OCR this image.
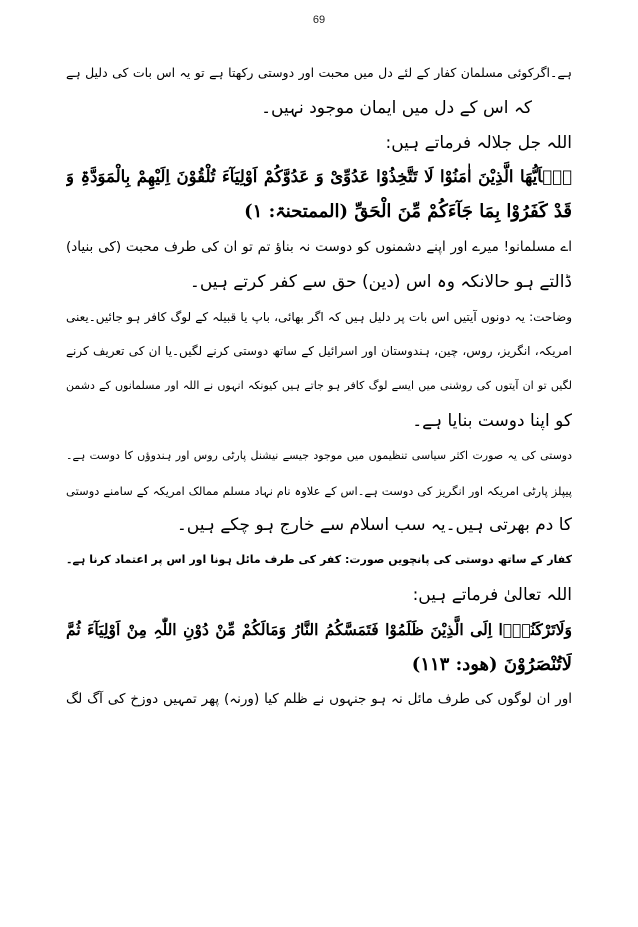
69
ہے۔اگرکوئی مسلمان کفار کے لئے دل میں محبت اور دوستی رکھتا ہے تو یہ اس بات کی دلیل ہے
کہ اس کے دل میں ایمان موجود نہیں۔
اللہ جل جلالہ فرماتے ہیں:
یٰۤاَیُّھَا الَّذِیْنَ اٰمَنُوْا لَا تَتَّخِذُوْا عَدُوِّیْ وَ عَدُوَّکُمْ اَوْلِیَآءَ تُلْقُوْنَ اِلَیْھِمْ بِالْمَوَدَّۃِ وَ
قَدْ کَفَرُوْا بِمَا جَآءَکُمْ مِّنَ الْحَقِّ (الممتحنۃ: ۱)
اے مسلمانو! میرے اور اپنے دشمنوں کو دوست نہ بناؤ تم تو ان کی طرف محبت (کی بنیاد)
ڈالتے ہو حالانکہ وہ اس (دین) حق سے کفر کرتے ہیں۔
وضاحت: یہ دونوں آیتیں اس بات پر دلیل ہیں کہ اگر بھائی، باپ یا قبیلہ کے لوگ کافر ہو جائیں۔یعنی
امریکہ، انگریز، روس، چین، ہندوستان اور اسرائیل کے ساتھ دوستی کرنے لگیں۔یا ان کی تعریف کرنے
لگیں تو ان آیتوں کی روشنی میں ایسے لوگ کافر ہو جاتے ہیں کیونکہ انہوں نے اللہ اور مسلمانوں کے دشمن
کو اپنا دوست بنایا ہے۔
دوستی کی یہ صورت اکثر سیاسی تنظیموں میں موجود جیسے نیشنل پارٹی روس اور ہندوؤں کا دوست ہے۔
پیپلز پارٹی امریکہ اور انگریز کی دوست ہے۔اس کے علاوہ نام نہاد مسلم ممالک امریکہ کے سامنے دوستی
کا دم بھرتی ہیں۔یہ سب اسلام سے خارج ہو چکے ہیں۔
کفار کے ساتھ دوستی کی پانچویں صورت: کفر کی طرف مائل ہونا اور اس پر اعتماد کرنا ہے۔
اللہ تعالیٰ فرماتے ہیں:
وَلَاتَرْکَنُوْۤا اِلَی الَّذِیْنَ ظَلَمُوْا فَتَمَسَّکُمُ النَّارُ وَمَالَکُمْ مِّنْ دُوْنِ اللّٰہِ مِنْ اَوْلِیَآءَ ثُمَّ
لَاتُنْصَرُوْنَ (ھود: ۱۱۳)
اور ان لوگوں کی طرف مائل نہ ہو جنہوں نے ظلم کیا (ورنہ) پھر تمہیں دوزخ کی آگ لگ
